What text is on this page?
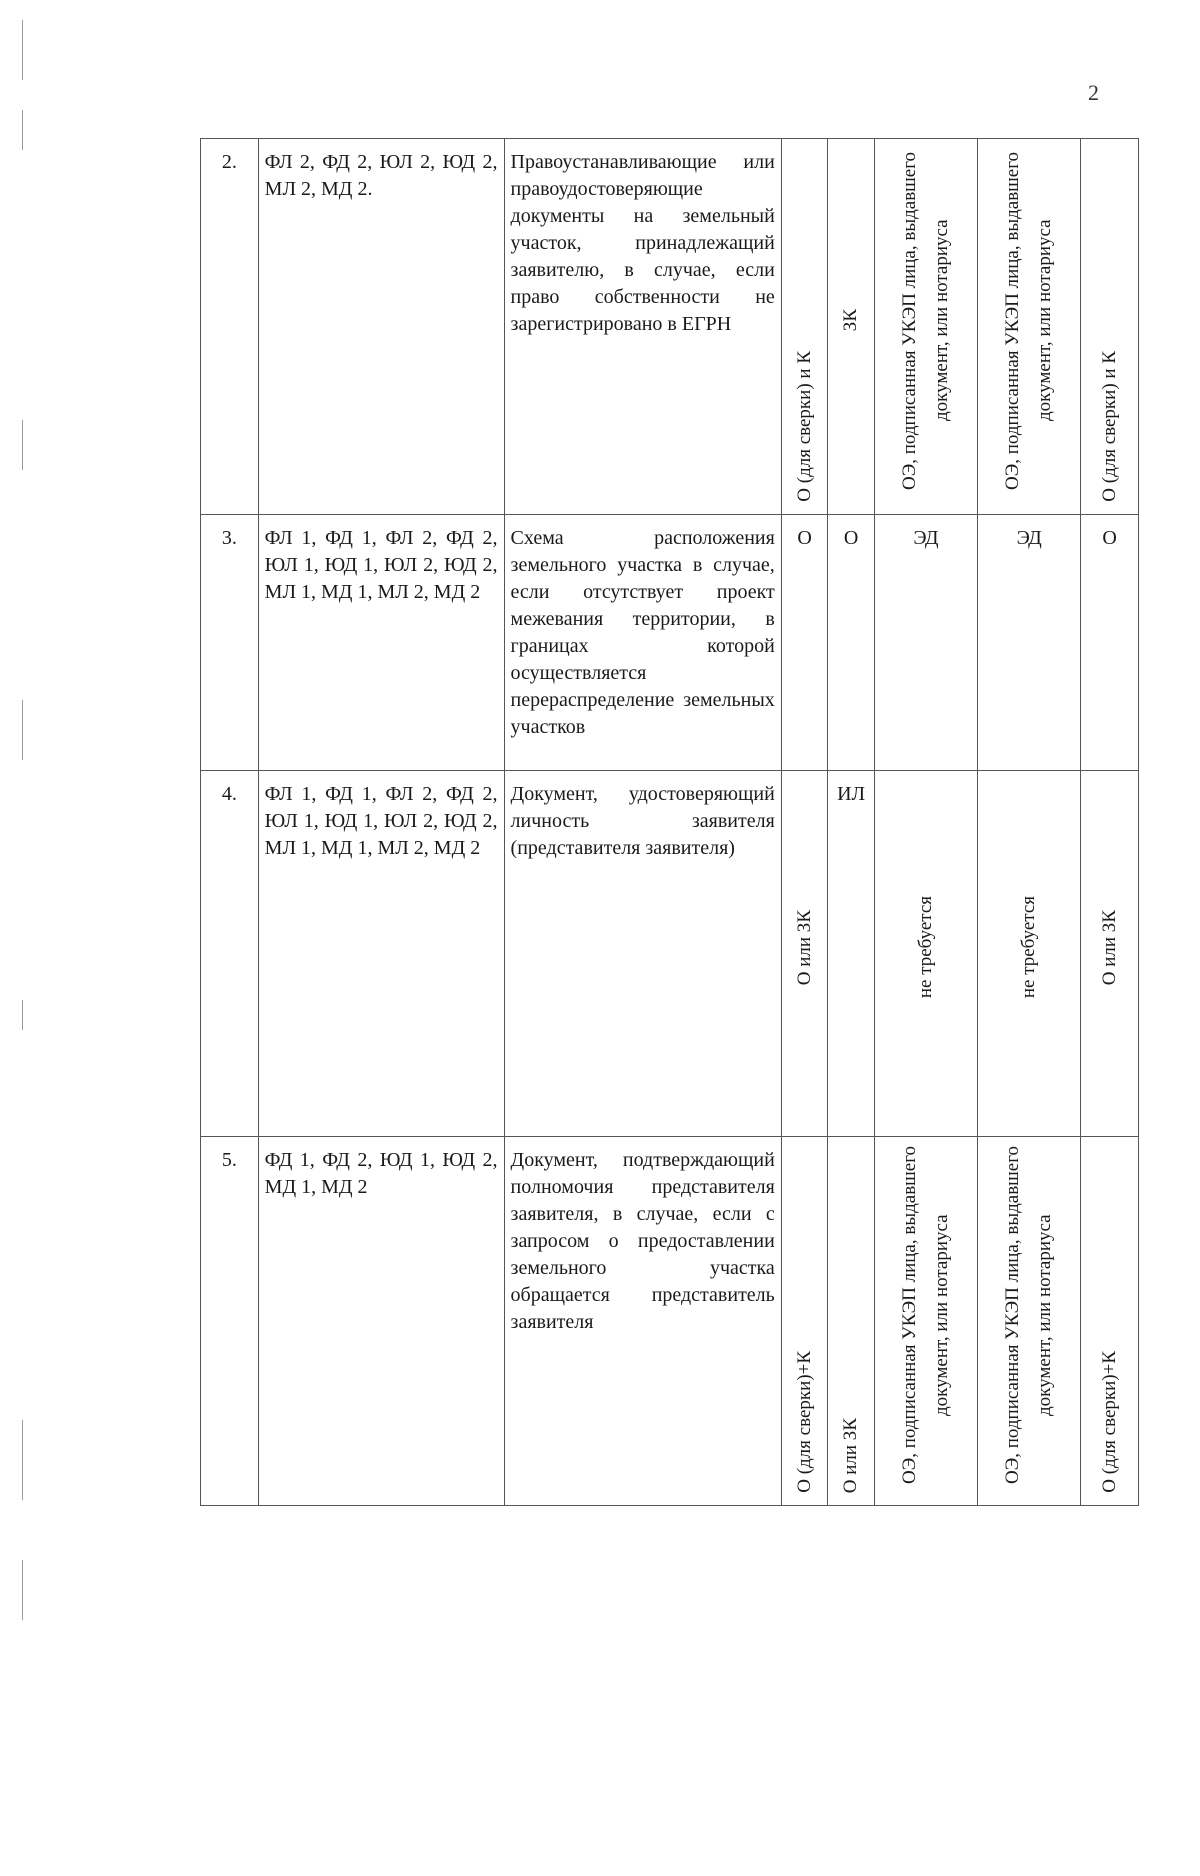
2
2.	ФЛ 2, ФД 2, ЮЛ 2, ЮД 2, МЛ 2, МД 2.	Правоустанавливающие или правоудостоверяющие документы на земельный участок, принадлежащий заявителю, в случае, если право собственности не зарегистрировано в ЕГРН	О (для сверки) и К	ЗК	ОЭ, подписанная УКЭП лица, выдавшего документ, или нотариуса	ОЭ, подписанная УКЭП лица, выдавшего документ, или нотариуса	О (для сверки) и К

3.	ФЛ 1, ФД 1, ФЛ 2, ФД 2, ЮЛ 1, ЮД 1, ЮЛ 2, ЮД 2, МЛ 1, МД 1, МЛ 2, МД 2	Схема расположения земельного участка в случае, если отсутствует проект межевания территории, в границах которой осуществляется перераспределение земельных участков	О	О	ЭД	ЭД	О

4.	ФЛ 1, ФД 1, ФЛ 2, ФД 2, ЮЛ 1, ЮД 1, ЮЛ 2, ЮД 2, МЛ 1, МД 1, МЛ 2, МД 2	Документ, удостоверяющий личность заявителя (представителя заявителя)	О или ЗК	ИЛ	не требуется	не требуется	О или ЗК

5.	ФД 1, ФД 2, ЮД 1, ЮД 2, МД 1, МД 2	Документ, подтверждающий полномочия представителя заявителя, в случае, если с запросом о предоставлении земельного участка обращается представитель заявителя	О (для сверки)+К	О или ЗК	ОЭ, подписанная УКЭП лица, выдавшего документ, или нотариуса	ОЭ, подписанная УКЭП лица, выдавшего документ, или нотариуса	О (для сверки)+К
